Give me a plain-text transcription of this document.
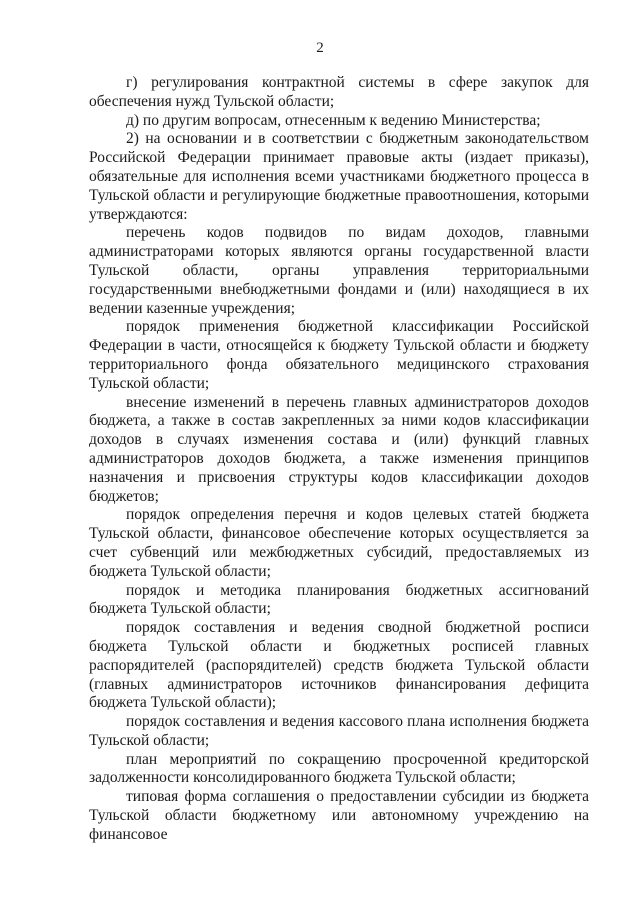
2

г) регулирования контрактной системы в сфере закупок для обеспечения нужд Тульской области;

д) по другим вопросам, отнесенным к ведению Министерства;

2) на основании и в соответствии с бюджетным законодательством Российской Федерации принимает правовые акты (издает приказы), обязательные для исполнения всеми участниками бюджетного процесса в Тульской области и регулирующие бюджетные правоотношения, которыми утверждаются:

перечень кодов подвидов по видам доходов, главными администраторами которых являются органы государственной власти Тульской области, органы управления территориальными государственными внебюджетными фондами и (или) находящиеся в их ведении казенные учреждения;

порядок применения бюджетной классификации Российской Федерации в части, относящейся к бюджету Тульской области и бюджету территориального фонда обязательного медицинского страхования Тульской области;

внесение изменений в перечень главных администраторов доходов бюджета, а также в состав закрепленных за ними кодов классификации доходов в случаях изменения состава и (или) функций главных администраторов доходов бюджета, а также изменения принципов назначения и присвоения структуры кодов классификации доходов бюджетов;

порядок определения перечня и кодов целевых статей бюджета Тульской области, финансовое обеспечение которых осуществляется за счет субвенций или межбюджетных субсидий, предоставляемых из бюджета Тульской области;

порядок и методика планирования бюджетных ассигнований бюджета Тульской области;

порядок составления и ведения сводной бюджетной росписи бюджета Тульской области и бюджетных росписей главных распорядителей (распорядителей) средств бюджета Тульской области (главных администраторов источников финансирования дефицита бюджета Тульской области);

порядок составления и ведения кассового плана исполнения бюджета Тульской области;

план мероприятий по сокращению просроченной кредиторской задолженности консолидированного бюджета Тульской области;

типовая форма соглашения о предоставлении субсидии из бюджета Тульской области бюджетному или автономному учреждению на финансовое
